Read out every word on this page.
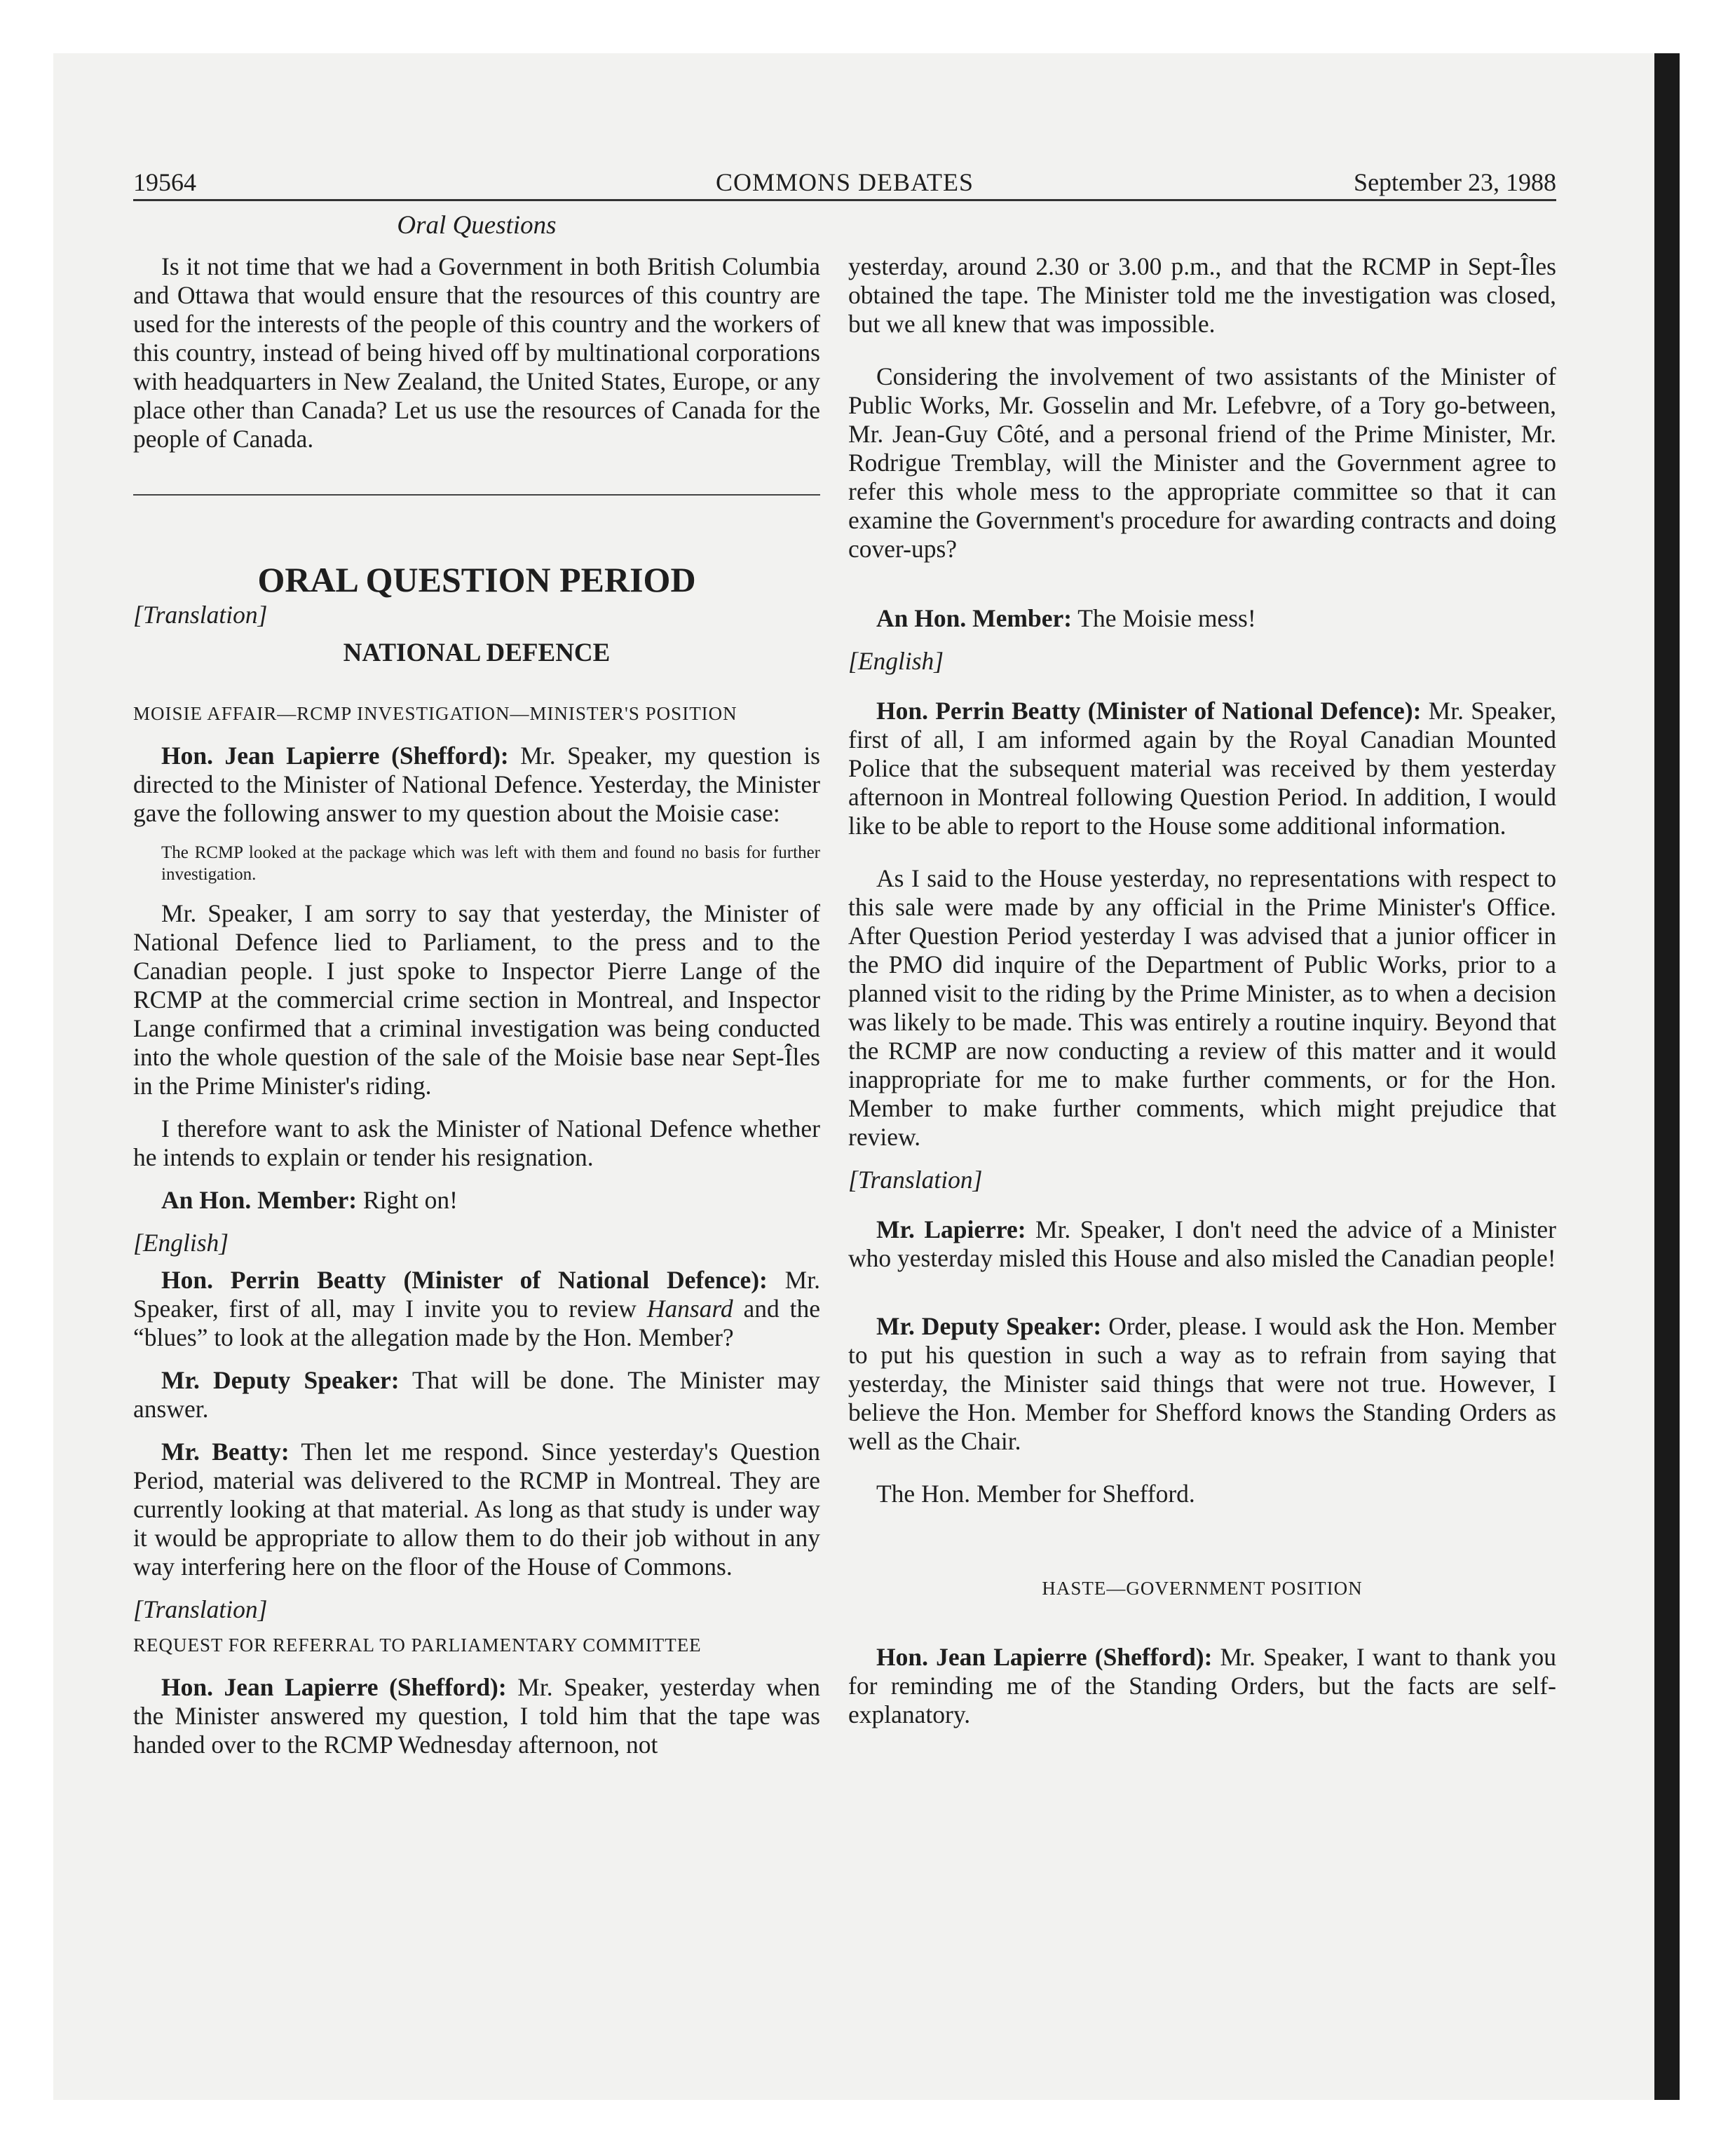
19564	COMMONS DEBATES	September 23, 1988
Oral Questions

Is it not time that we had a Government in both British Columbia and Ottawa that would ensure that the resources of this country are used for the interests of the people of this country and the workers of this country, instead of being hived off by multinational corporations with headquarters in New Zealand, the United States, Europe, or any place other than Canada? Let us use the resources of Canada for the people of Canada.

ORAL QUESTION PERIOD
[Translation]
NATIONAL DEFENCE
MOISIE AFFAIR—RCMP INVESTIGATION—MINISTER'S POSITION

Hon. Jean Lapierre (Shefford): Mr. Speaker, my question is directed to the Minister of National Defence. Yesterday, the Minister gave the following answer to my question about the Moisie case:

The RCMP looked at the package which was left with them and found no basis for further investigation.

Mr. Speaker, I am sorry to say that yesterday, the Minister of National Defence lied to Parliament, to the press and to the Canadian people. I just spoke to Inspector Pierre Lange of the RCMP at the commercial crime section in Montreal, and Inspector Lange confirmed that a criminal investigation was being conducted into the whole question of the sale of the Moisie base near Sept-Îles in the Prime Minister's riding.

I therefore want to ask the Minister of National Defence whether he intends to explain or tender his resignation.

An Hon. Member: Right on!

[English]

Hon. Perrin Beatty (Minister of National Defence): Mr. Speaker, first of all, may I invite you to review Hansard and the “blues” to look at the allegation made by the Hon. Member?

Mr. Deputy Speaker: That will be done. The Minister may answer.

Mr. Beatty: Then let me respond. Since yesterday's Question Period, material was delivered to the RCMP in Montreal. They are currently looking at that material. As long as that study is under way it would be appropriate to allow them to do their job without in any way interfering here on the floor of the House of Commons.

[Translation]
REQUEST FOR REFERRAL TO PARLIAMENTARY COMMITTEE

Hon. Jean Lapierre (Shefford): Mr. Speaker, yesterday when the Minister answered my question, I told him that the tape was handed over to the RCMP Wednesday afternoon, not

yesterday, around 2.30 or 3.00 p.m., and that the RCMP in Sept-Îles obtained the tape. The Minister told me the investigation was closed, but we all knew that was impossible.

Considering the involvement of two assistants of the Minister of Public Works, Mr. Gosselin and Mr. Lefebvre, of a Tory go-between, Mr. Jean-Guy Côté, and a personal friend of the Prime Minister, Mr. Rodrigue Tremblay, will the Minister and the Government agree to refer this whole mess to the appropriate committee so that it can examine the Government's procedure for awarding contracts and doing cover-ups?

An Hon. Member: The Moisie mess!

[English]

Hon. Perrin Beatty (Minister of National Defence): Mr. Speaker, first of all, I am informed again by the Royal Canadian Mounted Police that the subsequent material was received by them yesterday afternoon in Montreal following Question Period. In addition, I would like to be able to report to the House some additional information.

As I said to the House yesterday, no representations with respect to this sale were made by any official in the Prime Minister's Office. After Question Period yesterday I was advised that a junior officer in the PMO did inquire of the Department of Public Works, prior to a planned visit to the riding by the Prime Minister, as to when a decision was likely to be made. This was entirely a routine inquiry. Beyond that the RCMP are now conducting a review of this matter and it would inappropriate for me to make further comments, or for the Hon. Member to make further comments, which might prejudice that review.

[Translation]

Mr. Lapierre: Mr. Speaker, I don't need the advice of a Minister who yesterday misled this House and also misled the Canadian people!

Mr. Deputy Speaker: Order, please. I would ask the Hon. Member to put his question in such a way as to refrain from saying that yesterday, the Minister said things that were not true. However, I believe the Hon. Member for Shefford knows the Standing Orders as well as the Chair.

The Hon. Member for Shefford.

HASTE—GOVERNMENT POSITION

Hon. Jean Lapierre (Shefford): Mr. Speaker, I want to thank you for reminding me of the Standing Orders, but the facts are self-explanatory.
